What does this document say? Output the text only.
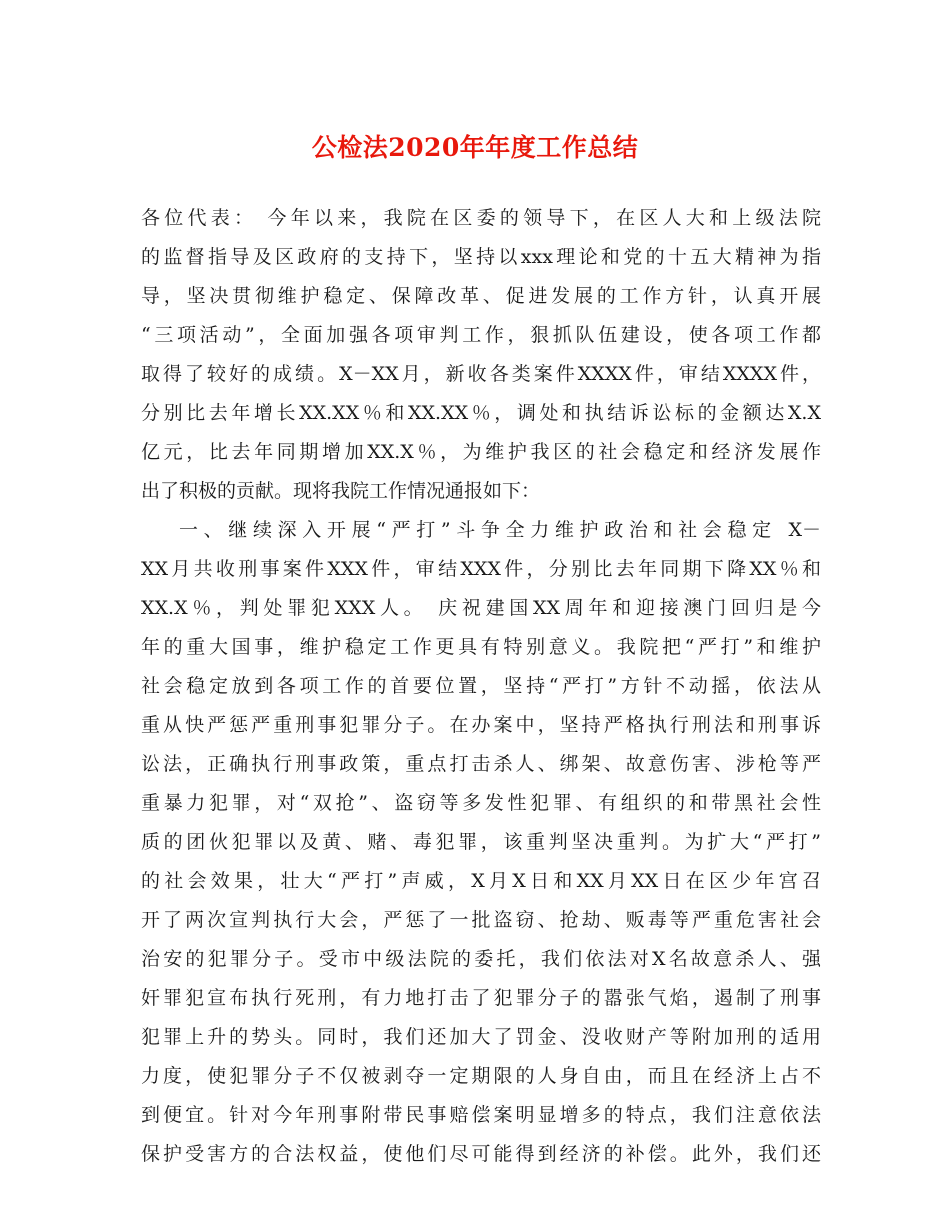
公检法2020年年度工作总结
各位代表： 今年以来，我院在区委的领导下，在区人大和上级法院
的监督指导及区政府的支持下，坚持以xxx理论和党的十五大精神为指
导，坚决贯彻维护稳定、保障改革、促进发展的工作方针，认真开展
“三项活动”，全面加强各项审判工作，狠抓队伍建设，使各项工作都
取得了较好的成绩。X－XX月，新收各类案件XXXX件，审结XXXX件，
分别比去年增长XX.XX％和XX.XX％，调处和执结诉讼标的金额达X.X
亿元，比去年同期增加XX.X％，为维护我区的社会稳定和经济发展作
出了积极的贡献。现将我院工作情况通报如下：
一、继续深入开展“严打”斗争全力维护政治和社会稳定 X－
XX月共收刑事案件XXX件，审结XXX件，分别比去年同期下降XX％和
XX.X％，判处罪犯XXX人。 庆祝建国XX周年和迎接澳门回归是今
年的重大国事，维护稳定工作更具有特别意义。我院把“严打”和维护
社会稳定放到各项工作的首要位置，坚持“严打”方针不动摇，依法从
重从快严惩严重刑事犯罪分子。在办案中，坚持严格执行刑法和刑事诉
讼法，正确执行刑事政策，重点打击杀人、绑架、故意伤害、涉枪等严
重暴力犯罪，对“双抢”、盗窃等多发性犯罪、有组织的和带黑社会性
质的团伙犯罪以及黄、赌、毒犯罪，该重判坚决重判。为扩大“严打”
的社会效果，壮大“严打”声威，X月X日和XX月XX日在区少年宫召
开了两次宣判执行大会，严惩了一批盗窃、抢劫、贩毒等严重危害社会
治安的犯罪分子。受市中级法院的委托，我们依法对X名故意杀人、强
奸罪犯宣布执行死刑，有力地打击了犯罪分子的嚣张气焰，遏制了刑事
犯罪上升的势头。同时，我们还加大了罚金、没收财产等附加刑的适用
力度，使犯罪分子不仅被剥夺一定期限的人身自由，而且在经济上占不
到便宜。针对今年刑事附带民事赔偿案明显增多的特点，我们注意依法
保护受害方的合法权益，使他们尽可能得到经济的补偿。此外，我们还
